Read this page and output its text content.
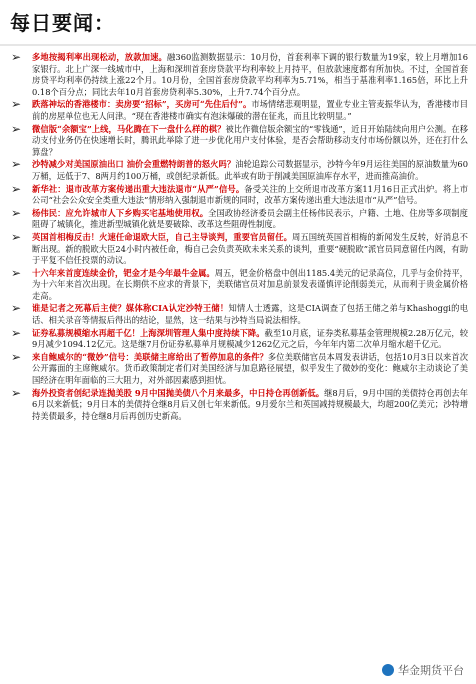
每日要闻：
➢ 多地按揭利率出现松动，放款加速。融360监测数据显示：10月份，首套利率下调的银行数量为19家，较上月增加16家银行。北上广深一线城市中，上海和深圳首套房贷款平均利率较上月持平，但放款速度都有所加快。不过，全国首套房贷平均利率仍持续上涨22个月。10月份，全国首套房贷款平均利率为5.71%，相当于基准利率1.165倍，环比上升0.18个百分点；同比去年10月首套房贷利率5.30%，上升7.74个百分点。
➢ 跌落神坛的香港楼市：卖房要“招标”，买房可“先住后付”。市场情绪悲观明显，置业专业主管麦振华认为，香港楼市目前的房屋单位也无人问津。“现在香港楼市确实有泡沫爆破的潜在征兆，而且比较明显。”
➢ 微信版“余额宝”上线，马化腾在下一盘什么样的棋？被比作微信版余额宝的“零钱通”，近日开始陆续向用户公测。在移动支付业务仍在快速增长时，腾讯此举除了进一步优化用户支付体验，是否会帮助移动支付市场份额以外，还在打什么算盘？
➢ 沙特减少对美国原油出口 油价会重燃特朗普的怒火吗？油轮追踪公司数据显示，沙特今年9月运往美国的原油数量为60万桶，远低于7、8两月约100万桶，或创纪录新低。此举或有助于削减美国原油库存水平，进而推高油价。
➢ 新华社：退市改革方案传递出重大违法退市“从严”信号。备受关注的上交所退市改革方案11月16日正式出炉。将上市公司“社会公众安全类重大违法”情形纳入强制退市新规的同时，改革方案传递出重大违法退市“从严”信号。
➢ 杨伟民：应允许城市人下乡购买宅基地使用权。全国政协经济委员会副主任杨伟民表示，户籍、土地、住房等多项制度阻碍了城镇化，推进新型城镇化就是要破除、改革这些阻碍性制度。
➢ 英国首相梅反击！火速任命退欧大臣，自己主导谈判，重要官员留任。周五国统英国首相梅的新闻发生反转，好消息不断出现。新的脱欧大臣24小时内被任命，梅自己会负责英欧未来关系的谈判，重要“硬脱欧”派官员同意留任内阁，有助于平复不信任投票的动议。
➢ 十六年来首度连续金价，钯金才是今年最牛金属。周五，钯金价格盘中创出1185.4美元的记录高位，几乎与金价持平，为十六年来首次出现。在长期供不应求的背景下，美联储官员对加息前景发表谨慎评论削弱美元，从而利于贵金属价格走高。
➢ 谁是记者之死幕后主使？媒体称CIA认定沙特王储！知情人士透露，这是CIA调查了包括王储之弟与Khashoggi的电话、相关录音等情报后得出的结论，显然，这一结果与沙特当局说法相悖。
➢ 证券私募规模缩水再超千亿！上海深圳管理人集中度持续下降。截至10月底，证券类私募基金管理规模2.28万亿元，较9月减少1094.12亿元。这是继7月份证券私募单月规模减少1262亿元之后，今年年内第二次单月缩水超千亿元。
➢ 来自鲍威尔的“微妙”信号：美联储主席给出了暂停加息的条件？多位美联储官员本周发表讲话，包括10月3日以来首次公开露面的主席鲍威尔。货币政策制定者们对美国经济与加息路径展望，似乎发生了微妙的变化：鲍威尔主动谈论了美国经济在明年面临的三大阻力，对外部因素感到担忧。
➢ 海外投资者创纪录连抛美股 9月中国抛美债八个月来最多，中日持仓再创新低。继8月后，9月中国的美债持仓再创去年6月以来新低；9月日本的美债持仓继8月后又创七年来新低。9月爱尔兰和英国减持规模最大，均超200亿美元；沙特增持美债最多，持仓继8月后再创历史新高。
华金期货平台
